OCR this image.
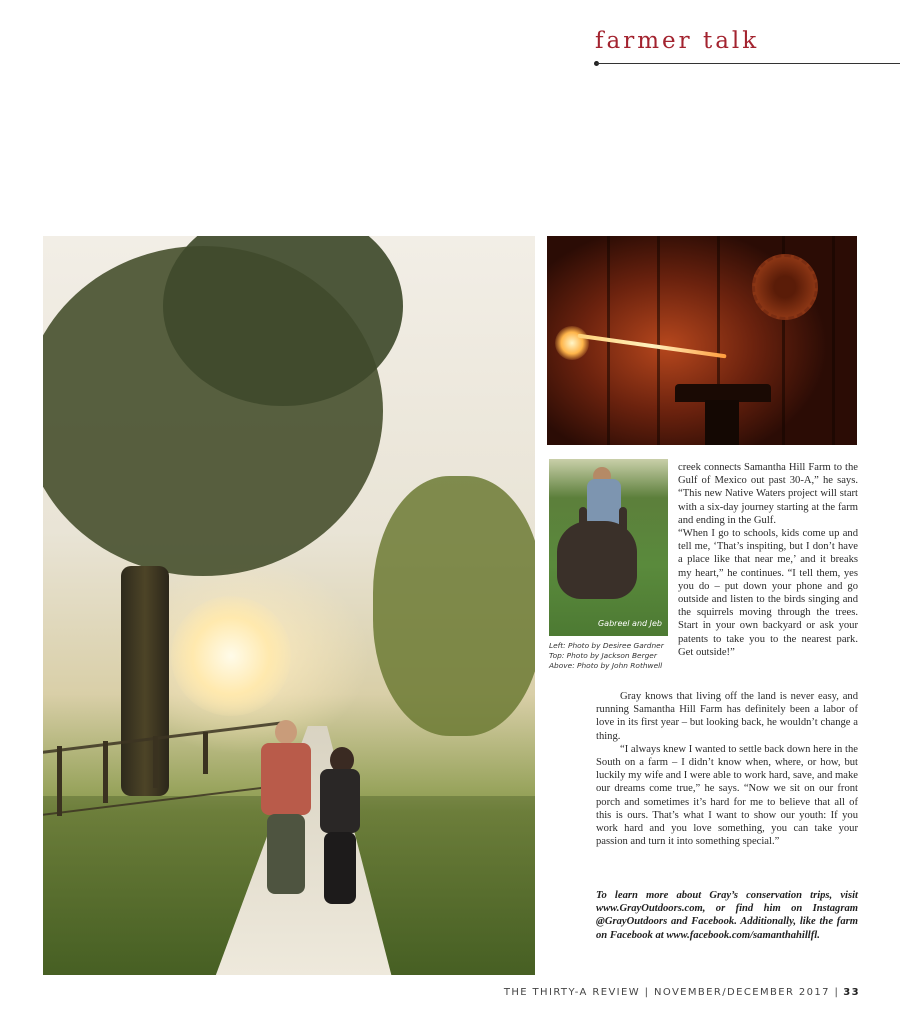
farmer talk
Gabreel and Jeb
Left: Photo by Desiree Gardner
Top: Photo by Jackson Berger
Above: Photo by John Rothwell

creek connects Samantha Hill Farm to the Gulf of Mexico out past 30-A,” he says. “This new Native Waters project will start with a six-day journey starting at the farm and ending in the Gulf.

“When I go to schools, kids come up and tell me, ‘That’s inspiting, but I don’t have a place like that near me,’ and it breaks my heart,” he continues. “I tell them, yes you do – put down your phone and go outside and listen to the birds singing and the squirrels moving through the trees. Start in your own backyard or ask your patents to take you to the nearest park. Get outside!”

Gray knows that living off the land is never easy, and running Samantha Hill Farm has definitely been a labor of love in its first year – but looking back, he wouldn’t change a thing.

“I always knew I wanted to settle back down here in the South on a farm – I didn’t know when, where, or how, but luckily my wife and I were able to work hard, save, and make our dreams come true,” he says. “Now we sit on our front porch and sometimes it’s hard for me to believe that all of this is ours. That’s what I want to show our youth: If you work hard and you love something, you can take your passion and turn it into something special.”

To learn more about Gray’s conservation trips, visit www.GrayOutdoors.com, or find him on Instagram @GrayOutdoors and Facebook. Additionally, like the farm on Facebook at www.facebook.com/samanthahillfl.
THE THIRTY-A REVIEW | NOVEMBER/DECEMBER 2017 | 33
